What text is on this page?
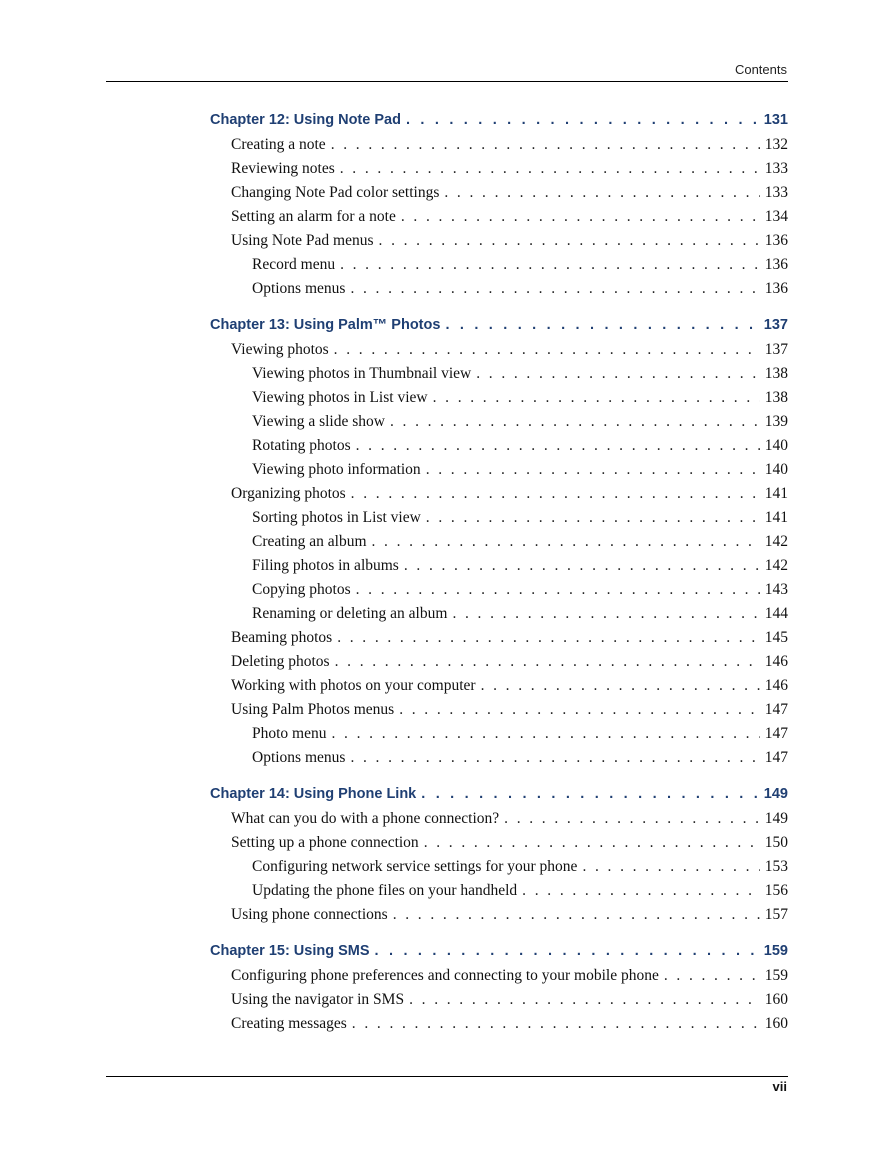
Contents
Chapter 12: Using Note Pad . . .	131
Creating a note . . .	132
Reviewing notes . . .	133
Changing Note Pad color settings . . .	133
Setting an alarm for a note . . .	134
Using Note Pad menus . . .	136
Record menu . . .	136
Options menus . . .	136
Chapter 13: Using Palm™ Photos . . .	137
Viewing photos . . .	137
Viewing photos in Thumbnail view . . .	138
Viewing photos in List view . . .	138
Viewing a slide show . . .	139
Rotating photos . . .	140
Viewing photo information . . .	140
Organizing photos . . .	141
Sorting photos in List view . . .	141
Creating an album . . .	142
Filing photos in albums . . .	142
Copying photos . . .	143
Renaming or deleting an album . . .	144
Beaming photos . . .	145
Deleting photos . . .	146
Working with photos on your computer . . .	146
Using Palm Photos menus . . .	147
Photo menu . . .	147
Options menus . . .	147
Chapter 14: Using Phone Link . . .	149
What can you do with a phone connection? . . .	149
Setting up a phone connection . . .	150
Configuring network service settings for your phone . . .	153
Updating the phone files on your handheld . . .	156
Using phone connections . . .	157
Chapter 15: Using SMS . . .	159
Configuring phone preferences and connecting to your mobile phone . . .	159
Using the navigator in SMS . . .	160
Creating messages . . .	160
vii
